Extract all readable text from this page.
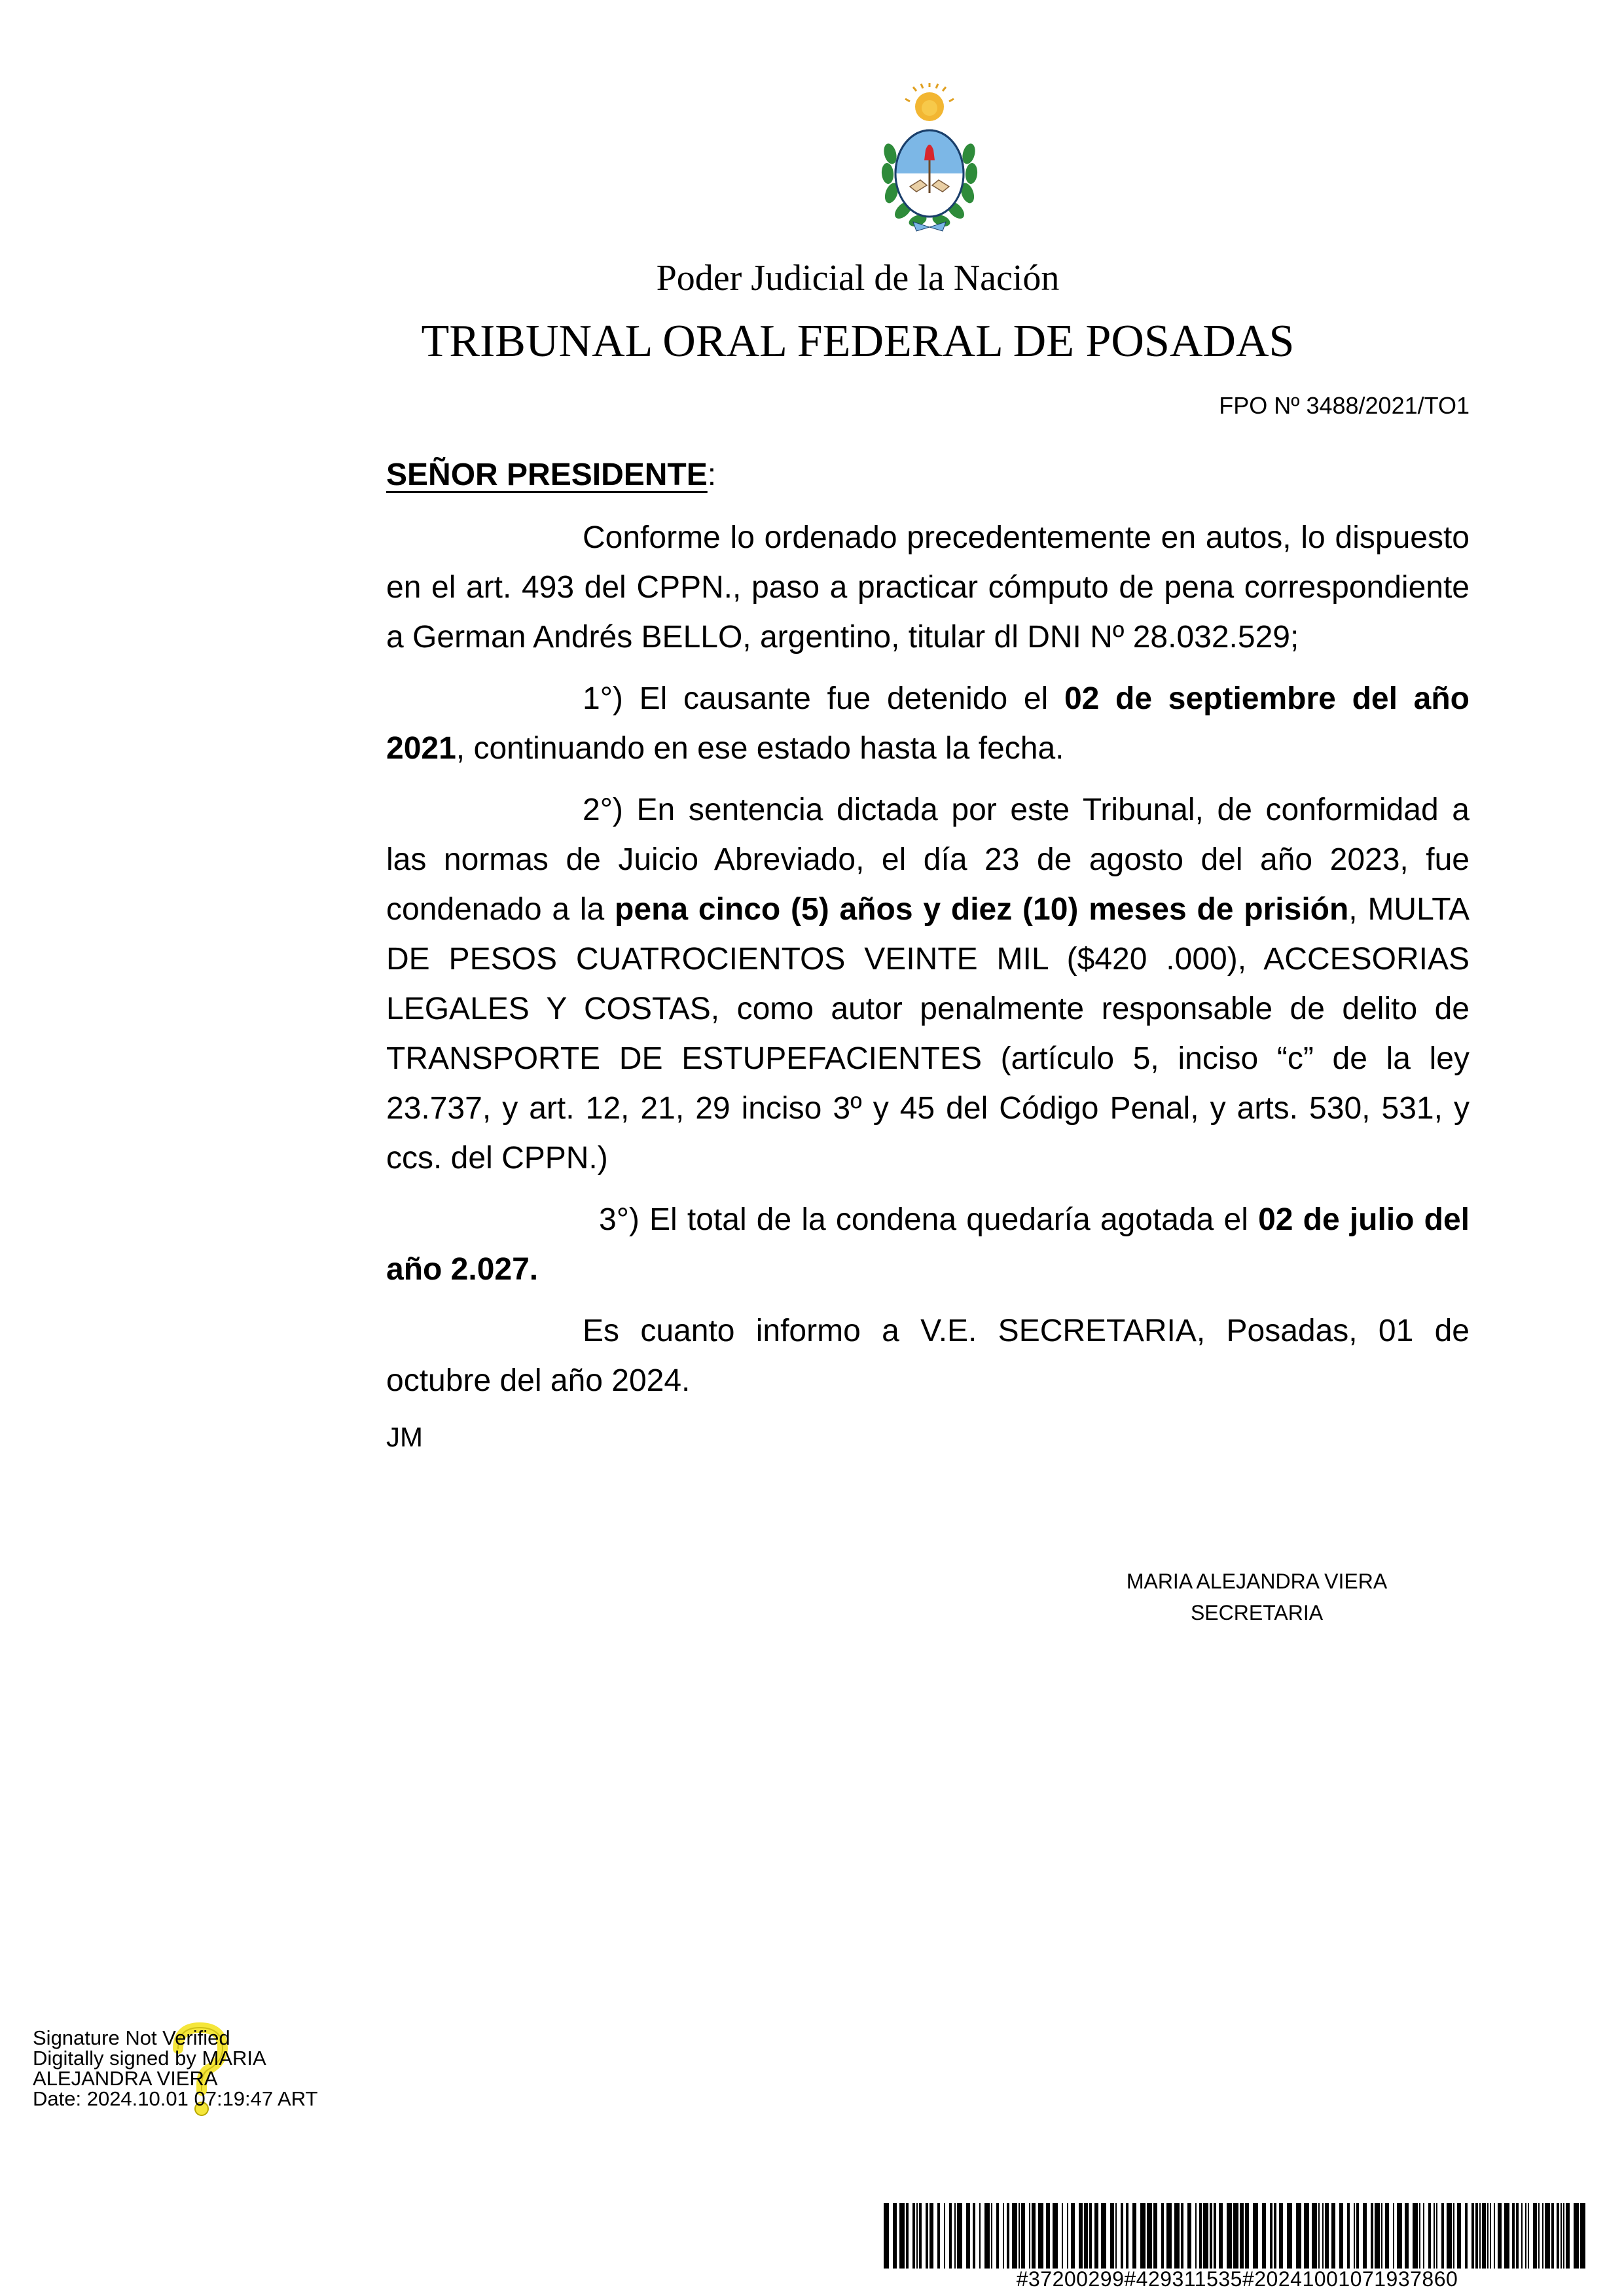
Poder Judicial de la Nación
TRIBUNAL ORAL FEDERAL DE POSADAS
FPO Nº 3488/2021/TO1

SEÑOR PRESIDENTE:

Conforme lo ordenado precedentemente en autos, lo dispuesto en el art. 493 del CPPN., paso a practicar cómputo de pena correspondiente a German Andrés BELLO, argentino, titular dl DNI Nº 28.032.529;

1°) El causante fue detenido el 02 de septiembre del año 2021, continuando en ese estado hasta la fecha.

2°) En sentencia dictada por este Tribunal, de conformidad a las normas de Juicio Abreviado, el día 23 de agosto del año 2023, fue condenado a la pena cinco (5) años y diez (10) meses de prisión, MULTA DE PESOS CUATROCIENTOS VEINTE MIL ($420 .000), ACCESORIAS LEGALES Y COSTAS, como autor penalmente responsable de delito de TRANSPORTE DE ESTUPEFACIENTES (artículo 5, inciso “c” de la ley 23.737, y art. 12, 21, 29 inciso 3º y 45 del Código Penal, y arts. 530, 531, y ccs. del CPPN.)

3°) El total de la condena quedaría agotada el 02 de julio del año 2.027.

Es cuanto informo a V.E. SECRETARIA, Posadas, 01 de octubre del año 2024.

JM
MARIA ALEJANDRA VIERA
SECRETARIA
Signature Not Verified
Digitally signed by MARIA
ALEJANDRA VIERA
Date: 2024.10.01 07:19:47 ART
#37200299#429311535#20241001071937860
